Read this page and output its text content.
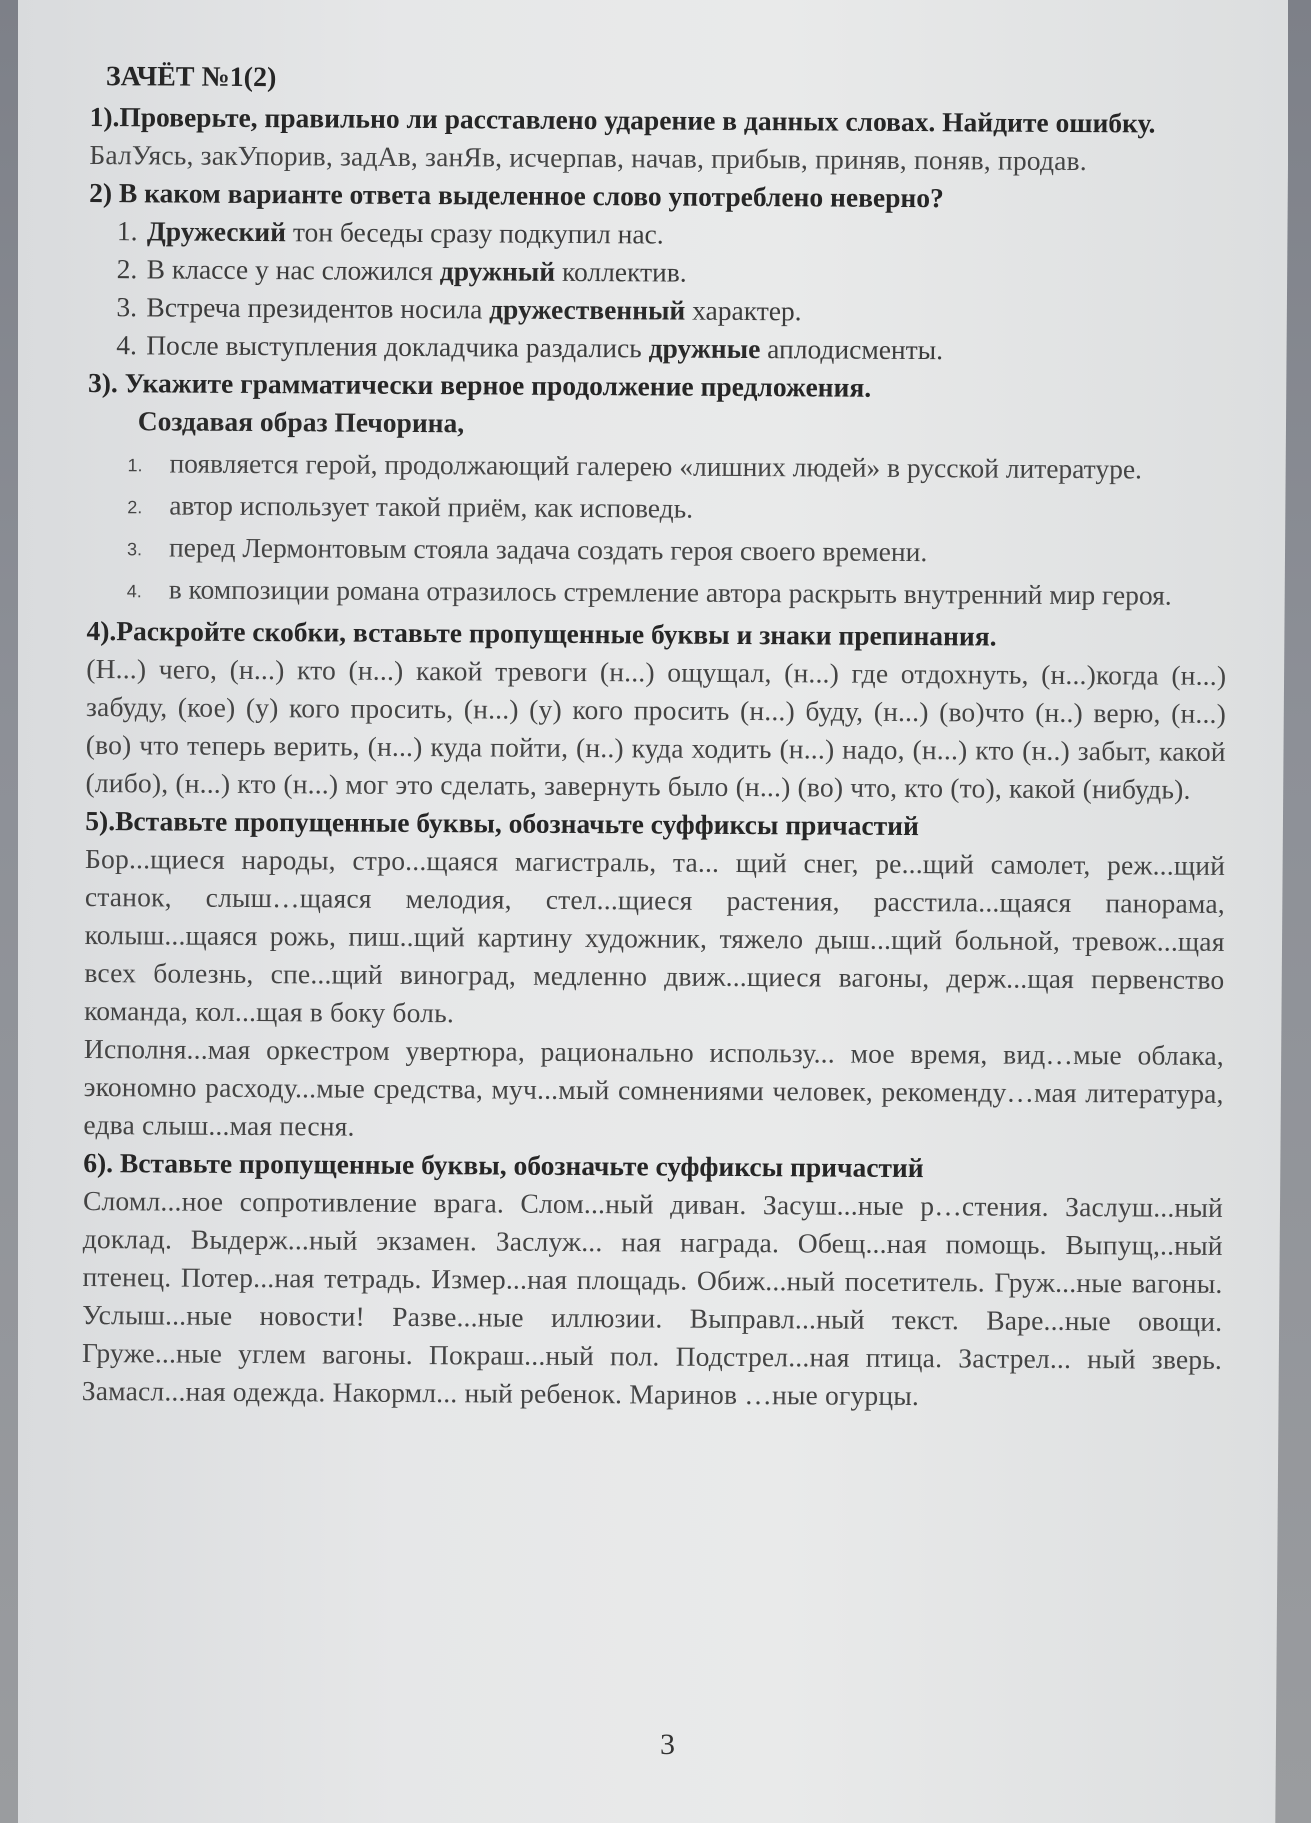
ЗАЧЁТ №1(2)

1).Проверьте, правильно ли расставлено ударение в данных словах. Найдите ошибку.

БалУясь, закУпорив, задАв, занЯв, исчерпав, начав, прибыв, приняв, поняв, продав.

2) В каком варианте ответа выделенное слово употреблено неверно?

1. Дружеский тон беседы сразу подкупил нас.
2. В классе у нас сложился дружный коллектив.
3. Встреча президентов носила дружественный характер.
4. После выступления докладчика раздались дружные аплодисменты.

3). Укажите грамматически верное продолжение предложения.

Создавая образ Печорина,

1. появляется герой, продолжающий галерею «лишних людей» в русской литературе.
2. автор использует такой приём, как исповедь.
3. перед Лермонтовым стояла задача создать героя своего времени.
4. в композиции романа отразилось стремление автора раскрыть внутренний мир героя.

4).Раскройте скобки, вставьте пропущенные буквы и знаки препинания.

(Н...) чего, (н...) кто (н...) какой тревоги (н...) ощущал, (н...) где отдохнуть, (н...)когда (н...) забуду, (кое) (у) кого просить, (н...) (у) кого просить (н...) буду, (н...) (во)что (н..) верю, (н...) (во) что теперь верить, (н...) куда пойти, (н..) куда ходить (н...) надо, (н...) кто (н..) забыт, какой (либо), (н...) кто (н...) мог это сделать, завернуть было (н...) (во) что, кто (то), какой (нибудь).

5).Вставьте пропущенные буквы, обозначьте суффиксы причастий

Бор...щиеся народы, стро...щаяся магистраль, та... щий снег, ре...щий самолет, реж...щий станок, слыш…щаяся мелодия, стел...щиеся растения, расстила...щаяся панорама, колыш...щаяся рожь, пиш..щий картину художник, тяжело дыш...щий больной, тревож...щая всех болезнь, спе...щий виноград, медленно движ...щиеся вагоны, держ...щая первенство команда, кол...щая в боку боль.

Исполня...мая оркестром увертюра, рационально использу... мое время, вид…мые облака, экономно расходу...мые средства, муч...мый сомнениями человек, рекоменду…мая литература, едва слыш...мая песня.

6). Вставьте пропущенные буквы, обозначьте суффиксы причастий

Сломл...ное сопротивление врага. Слом...ный диван. Засуш...ные р…стения. Заслуш...ный доклад. Выдерж...ный экзамен. Заслуж... ная награда. Обещ...ная помощь. Выпущ,..ный птенец. Потер...ная тетрадь. Измер...ная площадь. Обиж...ный посетитель. Груж...ные вагоны. Услыш...ные новости! Разве...ные иллюзии. Выправл...ный текст. Варе...ные овощи. Груже...ные углем вагоны. Покраш...ный пол. Подстрел...ная птица. Застрел... ный зверь. Замасл...ная одежда. Накормл... ный ребенок. Маринов …ные огурцы.

3
